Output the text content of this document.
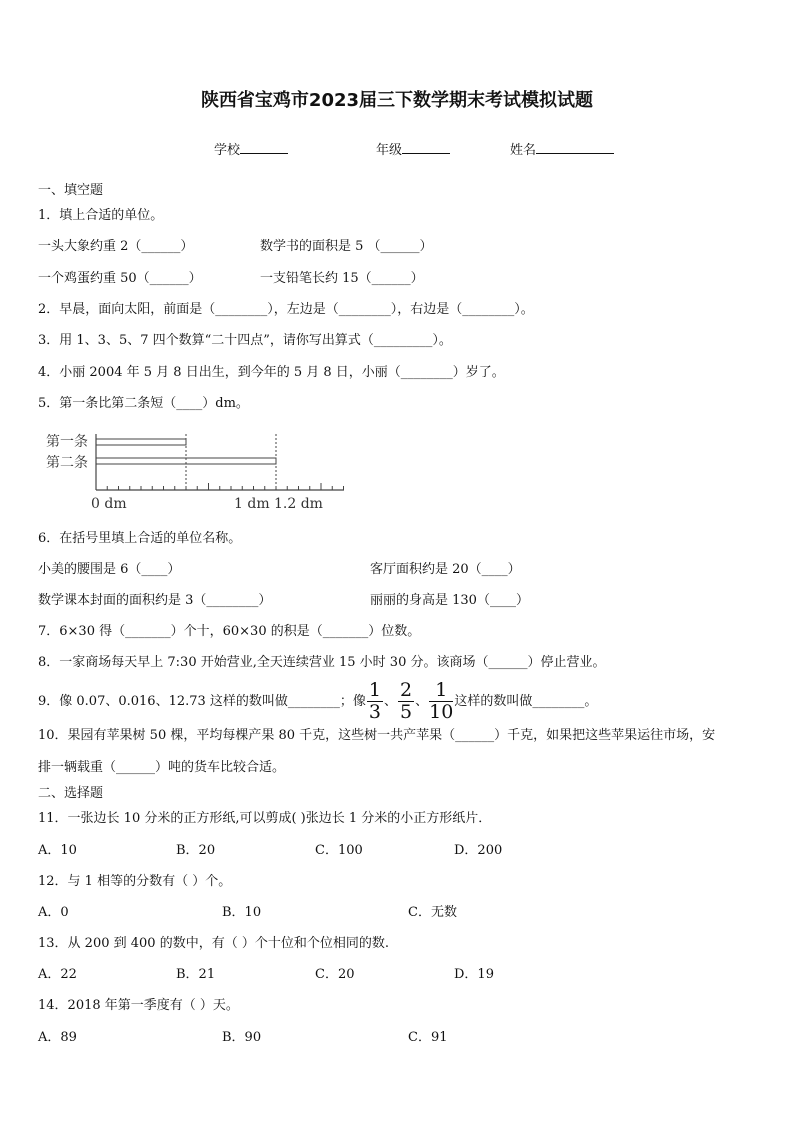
陕西省宝鸡市2023届三下数学期末考试模拟试题
学校	年级	姓名
一、填空题
1．填上合适的单位。
一头大象约重 2（______）	数学书的面积是 5 （______）
一个鸡蛋约重 50（______）	一支铅笔长约 15（______）
2．早晨，面向太阳，前面是（________），左边是（________），右边是（________）。
3．用 1、3、5、7 四个数算“二十四点”，请你写出算式（_________）。
4．小丽 2004 年 5 月 8 日出生，到今年的 5 月 8 日，小丽（________）岁了。
5．第一条比第二条短（____）dm。
第一条
第二条
0 dm	1 dm 1.2 dm
6．在括号里填上合适的单位名称。
小美的腰围是 6（____）	客厅面积约是 20（____）
数学课本封面的面积约是 3（________）	丽丽的身高是 130（____）
7．6×30 得（_______）个十，60×30 的积是（_______）位数。
8．一家商场每天早上 7:30 开始营业,全天连续营业 15 小时 30 分。该商场（______）停止营业。
9．像 0.07、0.016、12.73 这样的数叫做________；像 $\frac{1}{3}$ 、 $\frac{2}{5}$ 、 $\frac{1}{10}$ 这样的数叫做________。
10．果园有苹果树 50 棵，平均每棵产果 80 千克，这些树一共产苹果（______）千克，如果把这些苹果运往市场，安
排一辆载重（______）吨的货车比较合适。
二、选择题
11．一张边长 10 分米的正方形纸,可以剪成( )张边长 1 分米的小正方形纸片．
A．10	B．20	C．100	D．200
12．与 1 相等的分数有（ ）个。
A．0	B．10	C．无数
13．从 200 到 400 的数中，有（ ）个十位和个位相同的数.
A．22	B．21	C．20	D．19
14．2018 年第一季度有（ ）天。
A．89	B．90	C．91
